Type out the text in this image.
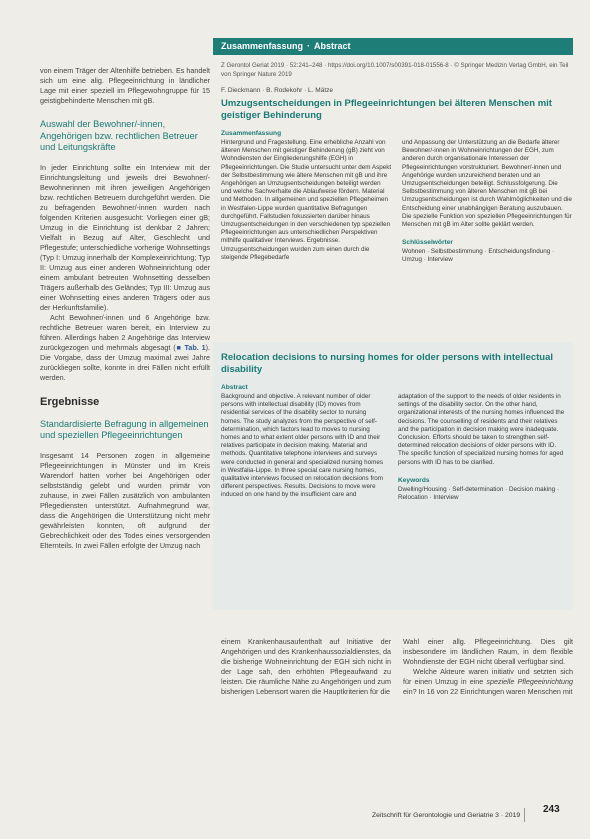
Zusammenfassung · Abstract

von einem Träger der Altenhilfe betrieben. Es handelt sich um eine alig. Pflegeeinrichtung in ländlicher Lage mit einer speziell im Pflegewohngruppe für 15 geistigbehinderte Menschen mit gB.

Auswahl der Bewohner/-innen, Angehörigen bzw. rechtlichen Betreuer und Leitungskräfte

In jeder Einrichtung sollte ein Interview mit der Einrichtungsleitung und jeweils drei Bewohner/-Bewohnerinnen mit ihren jeweiligen Angehörigen bzw. rechtlichen Betreuern durchgeführt werden. Die zu befragenden Bewohner/-innen wurden nach folgenden Kriterien ausgesucht: Vorliegen einer gB; Umzug in die Einrichtung ist denkbar 2 Jahren; Vielfalt in Bezug auf Alter, Geschlecht und Pflegestufe; unterschiedliche vorherige Wohnsettings (Typ I: Umzug innerhalb der Komplexeinrichtung; Typ II: Umzug aus einer anderen Wohneinrichtung oder einem ambulant betreuten Wohnsetting desselben Trägers außerhalb des Geländes; Typ III: Umzug aus einer Wohnsetting eines anderen Trägers oder aus der Herkunftsfamilie).

Acht Bewohner/-innen und 6 Angehörige bzw. rechtliche Betreuer waren bereit, ein Interview zu führen. Allerdings haben 2 Angehörige das Interview zurückgezogen und mehrmals abgesagt (■ Tab. 1). Die Vorgabe, dass der Umzug maximal zwei Jahre zurückliegen sollte, konnte in drei Fällen nicht erfüllt werden.

Ergebnisse
Standardisierte Befragung in allgemeinen und speziellen Pflegeeinrichtungen

Insgesamt 14 Personen zogen in allgemeine Pflegeeinrichtungen in Münster und im Kreis Warendorf hatten vorher bei Angehörigen oder selbstständig gelebt und wurden primär von zuhause, in zwei Fällen zusätzlich von ambulanten Pflegediensten unterstützt. Aufnahmegrund war, dass die Angehörigen die Unterstützung nicht mehr gewährleisten konnten, oft aufgrund der Gebrechlichkeit oder des Todes eines versorgenden Elternteils. In zwei Fällen erfolgte der Umzug nach

Z Gerontol Geriat 2019 · 52:241–248 · https://doi.org/10.1007/s00391-018-01556-8 · © Springer Medizin Verlag GmbH, ein Teil von Springer Nature 2019
F. Dieckmann · B. Rodekohr · L. Mätze
Umzugsentscheidungen in Pflegeeinrichtungen bei älteren Menschen mit geistiger Behinderung
Zusammenfassung
Hintergrund und Fragestellung. Eine erhebliche Anzahl von älteren Menschen mit geistiger Behinderung (gB) zieht von Wohndiensten der Eingliederungshilfe (EGH) in Pflegeeinrichtungen. Die Studie untersucht unter dem Aspekt der Selbstbestimmung wie ältere Menschen mit gB und ihre Angehörigen an Umzugsentscheidungen beteiligt werden und welche Sachverhalte die Ablaufweise fördern. Material und Methoden. In allgemeinen und speziellen Pflegeheimen in Westfalen-Lippe wurden quantitative Befragungen durchgeführt. Fallstudien fokussierten darüber hinaus Umzugsentscheidungen in den verschiedenen typ speziellen Pflegeeinrichtungen aus unterschiedlichen Perspektiven mithilfe qualitativer Interviews. Ergebnisse. Umzugsentscheidungen wurden zum einen durch die steigende Pflegebedarfe
und Anpassung der Unterstützung an die Bedarfe älterer Bewohner/-innen in Wohneinrichtungen der EGH, zum anderen durch organisationale Interessen der Pflegeeinrichtungen vorstrukturiert. Bewohner/-innen und Angehörige wurden unzureichend beraten und an Umzugsentscheidungen beteiligt. Schlussfolgerung. Die Selbstbestimmung von älteren Menschen mit gB bei Umzugsentscheidungen ist durch Wahlmöglichkeiten und die Entscheidung einer unabhängigen Beratung auszubauen. Die spezielle Funktion von speziellen Pflegeeinrichtungen für Menschen mit gB im Alter sollte geklärt werden.
Schlüsselwörter
Wohnen · Selbstbestimmung · Entscheidungsfindung · Umzug · Interview
Relocation decisions to nursing homes for older persons with intellectual disability
Abstract
Background and objective. A relevant number of older persons with intellectual disability (ID) moves from residential services of the disability sector to nursing homes. The study analyzes from the perspective of self-determination, which factors lead to moves to nursing homes and to what extent older persons with ID and their relatives participate in decision making. Material and methods. Quantitative telephone interviews and surveys were conducted in general and specialized nursing homes in Westfalia-Lippe. In three special care nursing homes, qualitative interviews focused on relocation decisions from different perspectives. Results. Decisions to move were induced on one hand by the insufficient care and
adaptation of the support to the needs of older residents in settings of the disability sector. On the other hand, organizational interests of the nursing homes influenced the decisions. The counselling of residents and their relatives and the participation in decision making were inadequate. Conclusion. Efforts should be taken to strengthen self-determined relocation decisions of older persons with ID. The specific function of specialized nursing homes for aged persons with ID has to be clarified.
Keywords
Dwelling/Housing · Self-determination · Decision making · Relocation · Interview
einem Krankenhausaufenthalt auf Initiative der Angehörigen und des Krankenhaussozialdienstes, da die bisherige Wohneinrichtung der EGH sich nicht in der Lage sah, den erhöhten Pflegeaufwand zu leisten. Die räumliche Nähe zu Angehörigen und zum bisherigen Lebensort waren die Hauptkriterien für die
Wahl einer allg. Pflegeeinrichtung. Dies gilt insbesondere im ländlichen Raum, in dem flexible Wohndienste der EGH nicht überall verfügbar sind.
Welche Akteure waren initiativ und setzten sich für einen Umzug in eine spezielle Pflegeeinrichtung ein? In 16 von 22 Einrichtungen waren Menschen mit
Zeitschrift für Gerontologie und Geriatrie 3 · 2019
243
